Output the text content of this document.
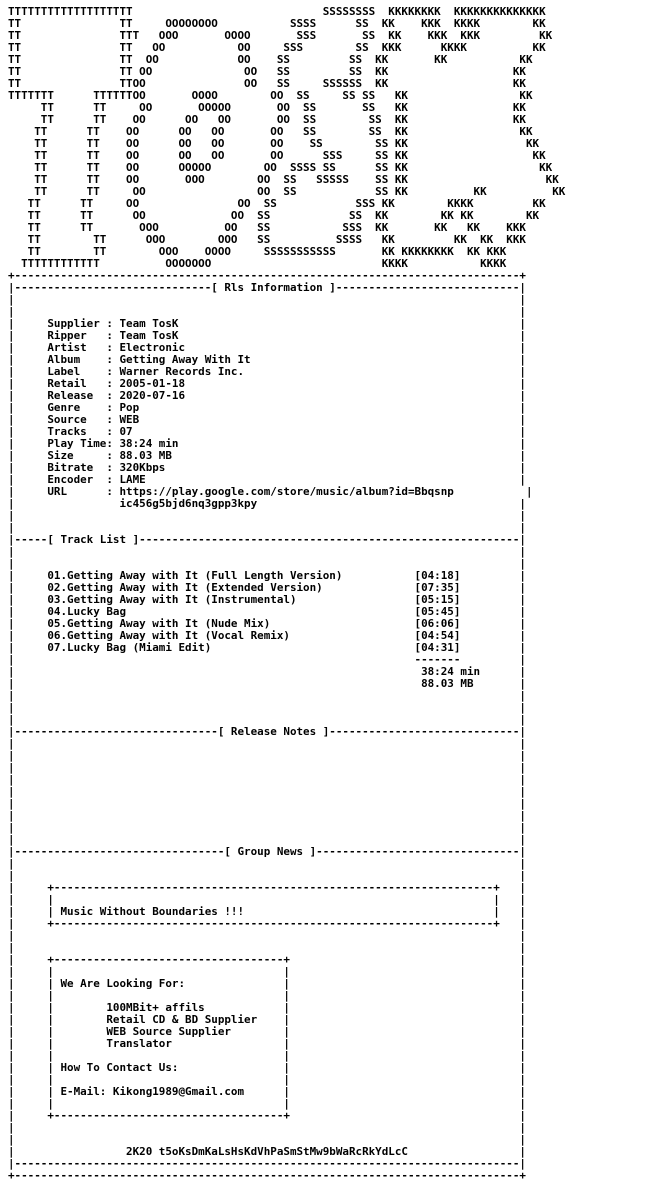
TTTTTTTTTTTTTTTTTTT                             SSSSSSSS  KKKKKKKK  KKKKKKKKKKKKKK
TT               TT     OOOOOOOO           SSSS      SS  KK    KKK  KKKK        KK
TT               TTT   OOO       OOOO       SSS       SS  KK    KKK  KKK         KK
TT               TT   OO           OO     SSS        SS  KKK      KKKK          KK
TT               TT  OO            OO    SS         SS  KK       KK           KK
TT               TT OO              OO   SS         SS  KK                   KK
TT               TTOO               OO   SS     SSSSSS  KK                   KK
TTTTTTT      TTTTTTOO       OOOO        OO  SS     SS SS   KK                 KK
TT      TT     OO       OOOOO       OO  SS       SS   KK                KK
TT      TT    OO      OO   OO       OO  SS        SS  KK                KK
TT      TT    OO      OO   OO       OO   SS        SS  KK                 KK
TT      TT    OO      OO   OO       OO    SS        SS KK                  KK
TT      TT    OO      OO   OO       OO      SSS     SS KK                   KK
TT      TT    OO      OOOOO        OO  SSSS SS      SS KK                    KK
TT      TT    OO       OOO        OO  SS   SSSSS    SS KK                     KK
TT      TT     OO                 OO  SS            SS KK          KK          KK
TT      TT     OO               OO  SS            SSS KK        KKKK         KK
TT      TT      OO             OO  SS            SS  KK        KK KK        KK
TT      TT       OOO          OO   SS           SSS  KK       KK   KK    KKK
TT        TT      OOO        OOO   SS          SSSS   KK         KK  KK  KKK
TT        TT        OOO    OOOO     SSSSSSSSSSS       KK KKKKKKKK  KK KKK
TTTTTTTTTTTT          OOOOOOO                          KKKK           KKKK
+-----------------------------------------------------------------------------+
|------------------------------[ Rls Information ]----------------------------|
|                                                                             |
|                                                                             |
|     Supplier : Team TosK                                                    |
|     Ripper   : Team TosK                                                    |
|     Artist   : Electronic                                                   |
|     Album    : Getting Away With It                                         |
|     Label    : Warner Records Inc.                                          |
|     Retail   : 2005-01-18                                                   |
|     Release  : 2020-07-16                                                   |
|     Genre    : Pop                                                          |
|     Source   : WEB                                                          |
|     Tracks   : 07                                                           |
|     Play Time: 38:24 min                                                    |
|     Size     : 88.03 MB                                                     |
|     Bitrate  : 320Kbps                                                      |
|     Encoder  : LAME                                                         |
|     URL      : https://play.google.com/store/music/album?id=Bbqsnp           |
|                ic456g5bjd6nq3gpp3kpy                                        |
|                                                                             |
|                                                                             |
|-----[ Track List ]----------------------------------------------------------|
|                                                                             |
|                                                                             |
|     01.Getting Away with It (Full Length Version)           [04:18]         |
|     02.Getting Away with It (Extended Version)              [07:35]         |
|     03.Getting Away with It (Instrumental)                  [05:15]         |
|     04.Lucky Bag                                            [05:45]         |
|     05.Getting Away with It (Nude Mix)                      [06:06]         |
|     06.Getting Away with It (Vocal Remix)                   [04:54]         |
|     07.Lucky Bag (Miami Edit)                               [04:31]         |
|                                                             -------         |
|                                                              38:24 min      |
|                                                              88.03 MB       |
|                                                                             |
|                                                                             |
|                                                                             |
|-------------------------------[ Release Notes ]-----------------------------|
|                                                                             |
|                                                                             |
|                                                                             |
|                                                                             |
|                                                                             |
|                                                                             |
|                                                                             |
|                                                                             |
|                                                                             |
|--------------------------------[ Group News ]-------------------------------|
|                                                                             |
|                                                                             |
|     +-------------------------------------------------------------------+   |
|     |                                                                   |   |
|     | Music Without Boundaries !!!                                      |   |
|     +-------------------------------------------------------------------+   |
|                                                                             |
|                                                                             |
|     +-----------------------------------+                                   |
|     |                                   |                                   |
|     | We Are Looking For:               |                                   |
|     |                                   |                                   |
|     |        100MBit+ affils            |                                   |
|     |        Retail CD & BD Supplier    |                                   |
|     |        WEB Source Supplier        |                                   |
|     |        Translator                 |                                   |
|     |                                   |                                   |
|     | How To Contact Us:                |                                   |
|     |                                   |                                   |
|     | E-Mail: Kikong1989@Gmail.com      |                                   |
|     |                                   |                                   |
|     +-----------------------------------+                                   |
|                                                                             |
|                                                                             |
|                 2K20 t5oKsDmKaLsHsKdVhPaSmStMw9bWaRcRkYdLcC                 |
|-----------------------------------------------------------------------------|
+-----------------------------------------------------------------------------+
